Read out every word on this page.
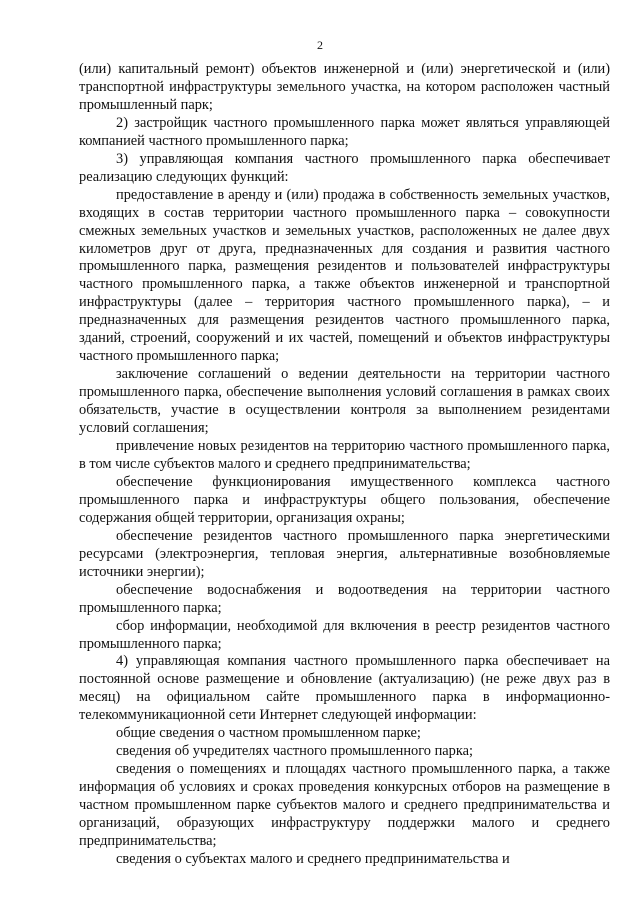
2

(или) капитальный ремонт) объектов инженерной и (или) энергетической и (или) транспортной инфраструктуры земельного участка, на котором расположен частный промышленный парк;

2) застройщик частного промышленного парка может являться управляющей компанией частного промышленного парка;

3) управляющая компания частного промышленного парка обеспечивает реализацию следующих функций:

предоставление в аренду и (или) продажа в собственность земельных участков, входящих в состав территории частного промышленного парка – совокупности смежных земельных участков и земельных участков, расположенных не далее двух километров друг от друга, предназначенных для создания и развития частного промышленного парка, размещения резидентов и пользователей инфраструктуры частного промышленного парка, а также объектов инженерной и транспортной инфраструктуры (далее – территория частного промышленного парка), – и предназначенных для размещения резидентов частного промышленного парка, зданий, строений, сооружений и их частей, помещений и объектов инфраструктуры частного промышленного парка;

заключение соглашений о ведении деятельности на территории частного промышленного парка, обеспечение выполнения условий соглашения в рамках своих обязательств, участие в осуществлении контроля за выполнением резидентами условий соглашения;

привлечение новых резидентов на территорию частного промышленного парка, в том числе субъектов малого и среднего предпринимательства;

обеспечение функционирования имущественного комплекса частного промышленного парка и инфраструктуры общего пользования, обеспечение содержания общей территории, организация охраны;

обеспечение резидентов частного промышленного парка энергетическими ресурсами (электроэнергия, тепловая энергия, альтернативные возобновляемые источники энергии);

обеспечение водоснабжения и водоотведения на территории частного промышленного парка;

сбор информации, необходимой для включения в реестр резидентов частного промышленного парка;

4) управляющая компания частного промышленного парка обеспечивает на постоянной основе размещение и обновление (актуализацию) (не реже двух раз в месяц) на официальном сайте промышленного парка в информационно-телекоммуникационной сети Интернет следующей информации:

общие сведения о частном промышленном парке;

сведения об учредителях частного промышленного парка;

сведения о помещениях и площадях частного промышленного парка, а также информация об условиях и сроках проведения конкурсных отборов на размещение в частном промышленном парке субъектов малого и среднего предпринимательства и организаций, образующих инфраструктуру поддержки малого и среднего предпринимательства;

сведения о субъектах малого и среднего предпринимательства и
